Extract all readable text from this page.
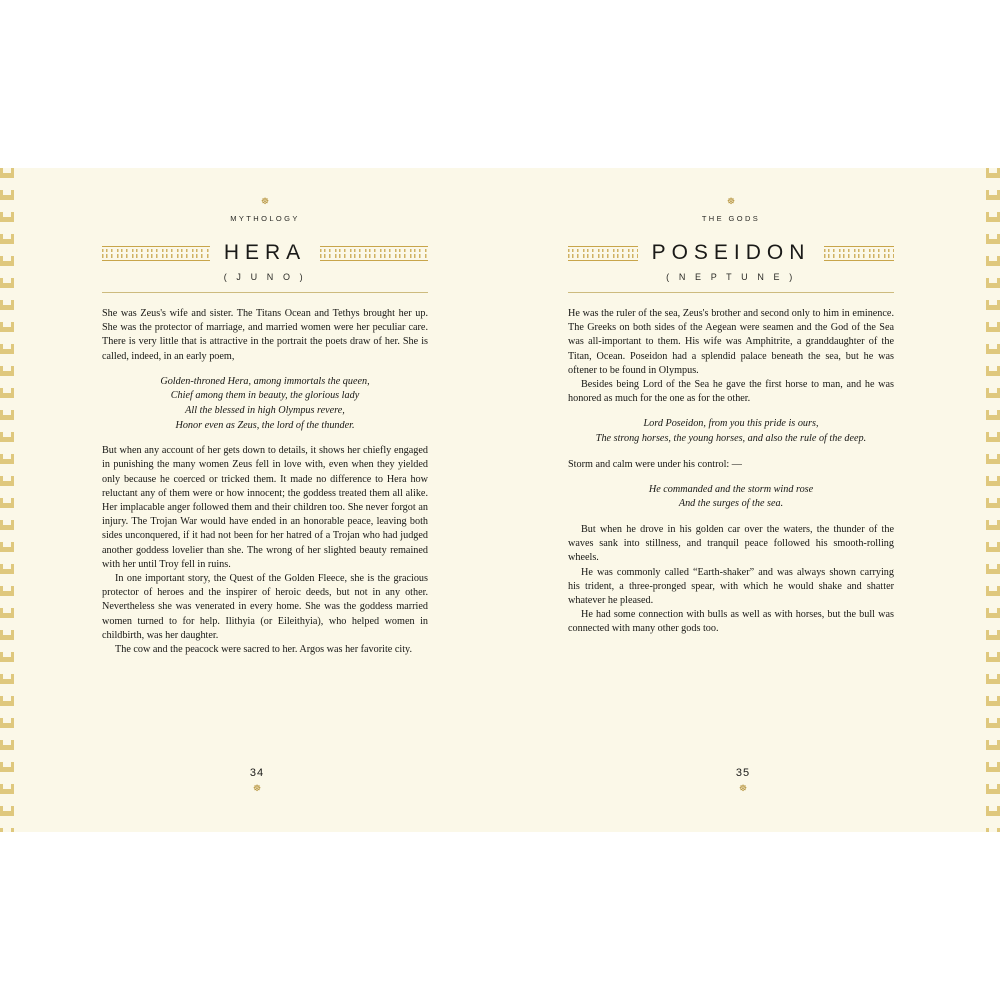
☸
MYTHOLOGY
HERA
( J U N O )

She was Zeus's wife and sister. The Titans Ocean and Tethys brought her up. She was the protector of marriage, and married women were her peculiar care. There is very little that is attractive in the portrait the poets draw of her. She is called, indeed, in an early poem,

Golden-throned Hera, among immortals the queen,
Chief among them in beauty, the glorious lady
All the blessed in high Olympus revere,
Honor even as Zeus, the lord of the thunder.

But when any account of her gets down to details, it shows her chiefly engaged in punishing the many women Zeus fell in love with, even when they yielded only because he coerced or tricked them. It made no difference to Hera how reluctant any of them were or how innocent; the goddess treated them all alike. Her implacable anger followed them and their children too. She never forgot an injury. The Trojan War would have ended in an honorable peace, leaving both sides unconquered, if it had not been for her hatred of a Trojan who had judged another goddess lovelier than she. The wrong of her slighted beauty remained with her until Troy fell in ruins.

In one important story, the Quest of the Golden Fleece, she is the gracious protector of heroes and the inspirer of heroic deeds, but not in any other. Nevertheless she was venerated in every home. She was the goddess married women turned to for help. Ilithyia (or Eileithyia), who helped women in childbirth, was her daughter.

The cow and the peacock were sacred to her. Argos was her favorite city.

34
☸
☸
THE GODS
POSEIDON
( N E P T U N E )

He was the ruler of the sea, Zeus's brother and second only to him in eminence. The Greeks on both sides of the Aegean were seamen and the God of the Sea was all-important to them. His wife was Amphitrite, a granddaughter of the Titan, Ocean. Poseidon had a splendid palace beneath the sea, but he was oftener to be found in Olympus.

Besides being Lord of the Sea he gave the first horse to man, and he was honored as much for the one as for the other.

Lord Poseidon, from you this pride is ours,
The strong horses, the young horses, and also the rule of the deep.

Storm and calm were under his control: —

He commanded and the storm wind rose
And the surges of the sea.

But when he drove in his golden car over the waters, the thunder of the waves sank into stillness, and tranquil peace followed his smooth-rolling wheels.

He was commonly called “Earth-shaker” and was always shown carrying his trident, a three-pronged spear, with which he would shake and shatter whatever he pleased.

He had some connection with bulls as well as with horses, but the bull was connected with many other gods too.

35
☸
